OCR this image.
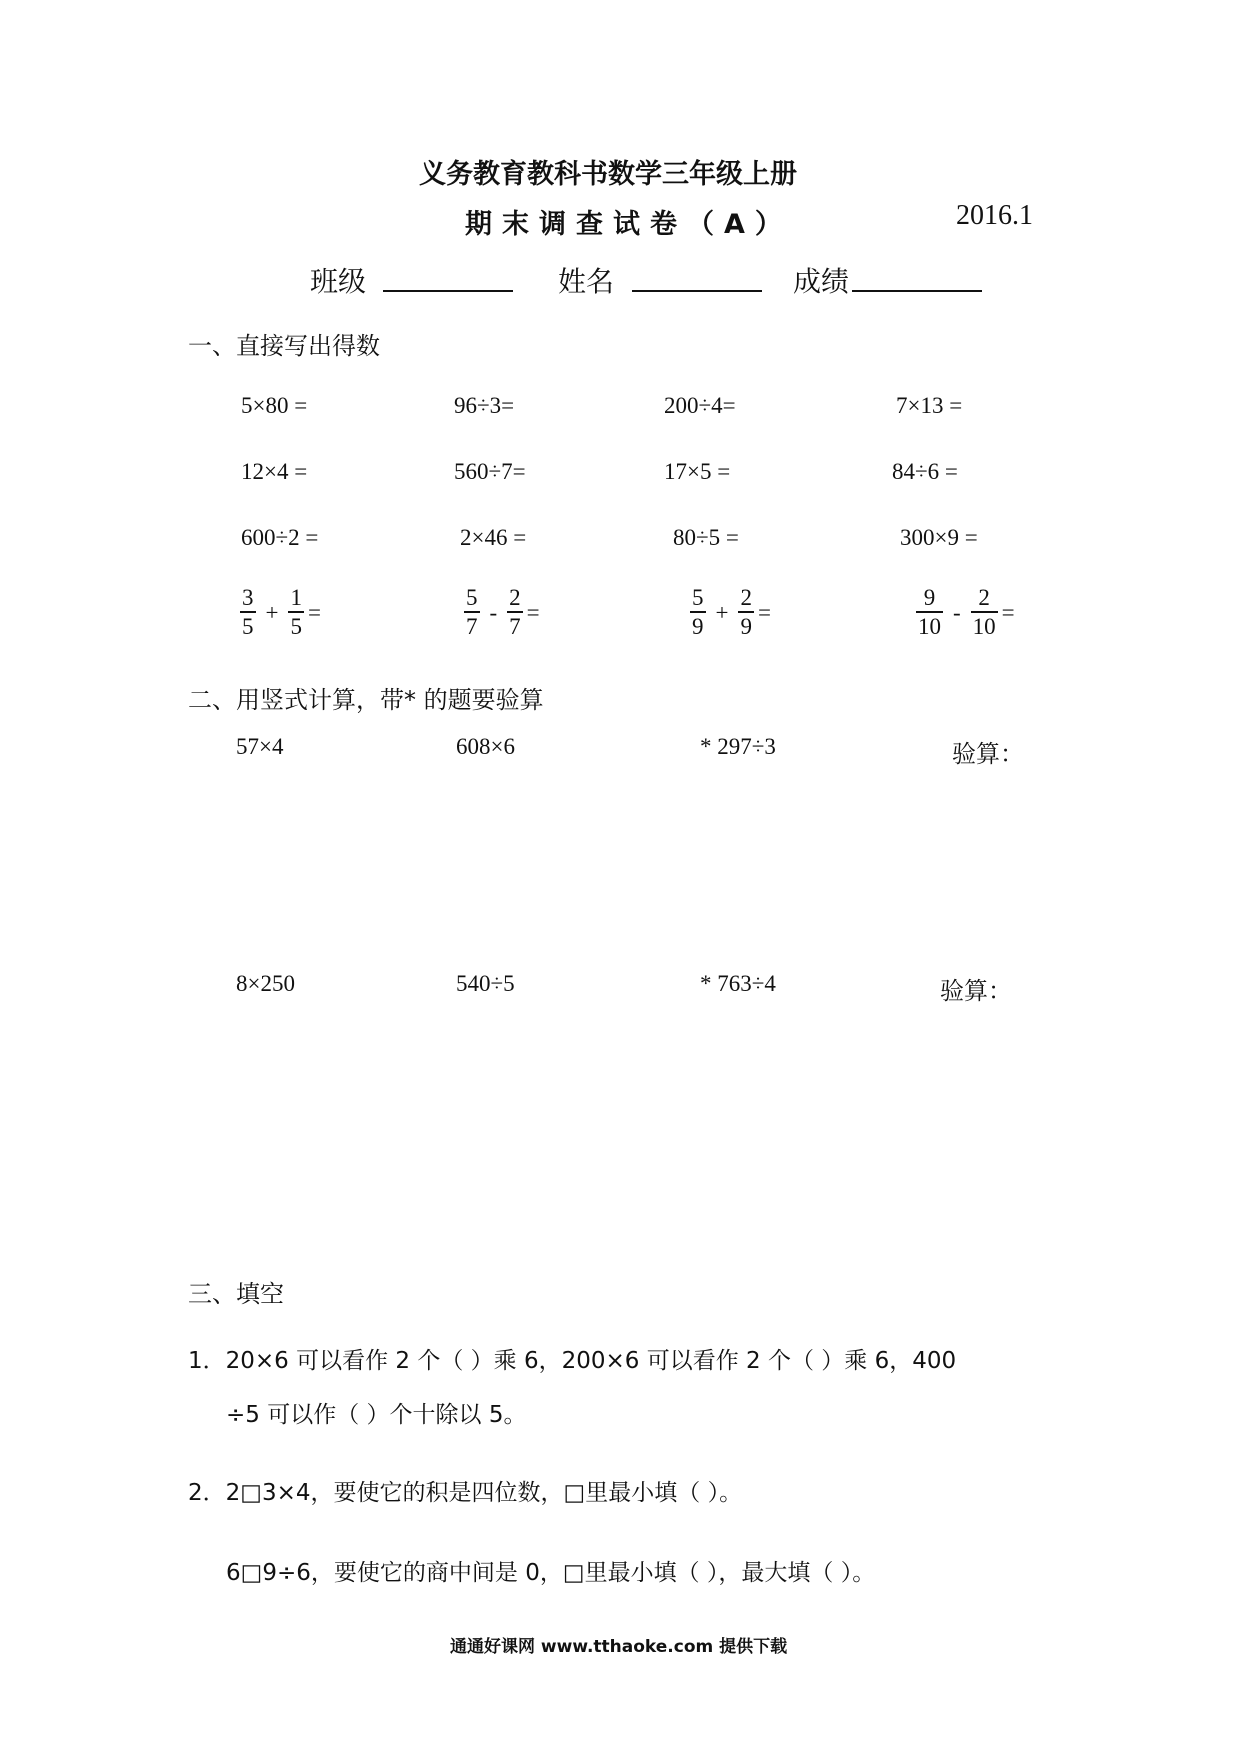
义务教育教科书数学三年级上册
期末调查试卷（A）	2016.1
班级	姓名	成绩
一、直接写出得数
5×80 =	96÷3=	200÷4=	7×13 =
12×4 =	560÷7=	17×5 =	84÷6 =
600÷2 =	2×46 =	80÷5 =	300×9 =
$\frac{3}{5} + \frac{1}{5}$ =	$\frac{5}{7} - \frac{2}{7}$ =	$\frac{5}{9} + \frac{2}{9}$ =	$\frac{9}{10} - \frac{2}{10}$ =
二、用竖式计算，带* 的题要验算
57×4	608×6	* 297÷3	验算：
8×250	540÷5	* 763÷4	验算：
三、填空
1．20×6 可以看作 2 个（ ）乘 6，200×6 可以看作 2 个（ ）乘 6，400
÷5 可以作（ ）个十除以 5。
2．2□3×4，要使它的积是四位数，□里最小填（ ）。
6□9÷6，要使它的商中间是 0，□里最小填（ ），最大填（ ）。
通通好课网 www.tthaoke.com 提供下载
